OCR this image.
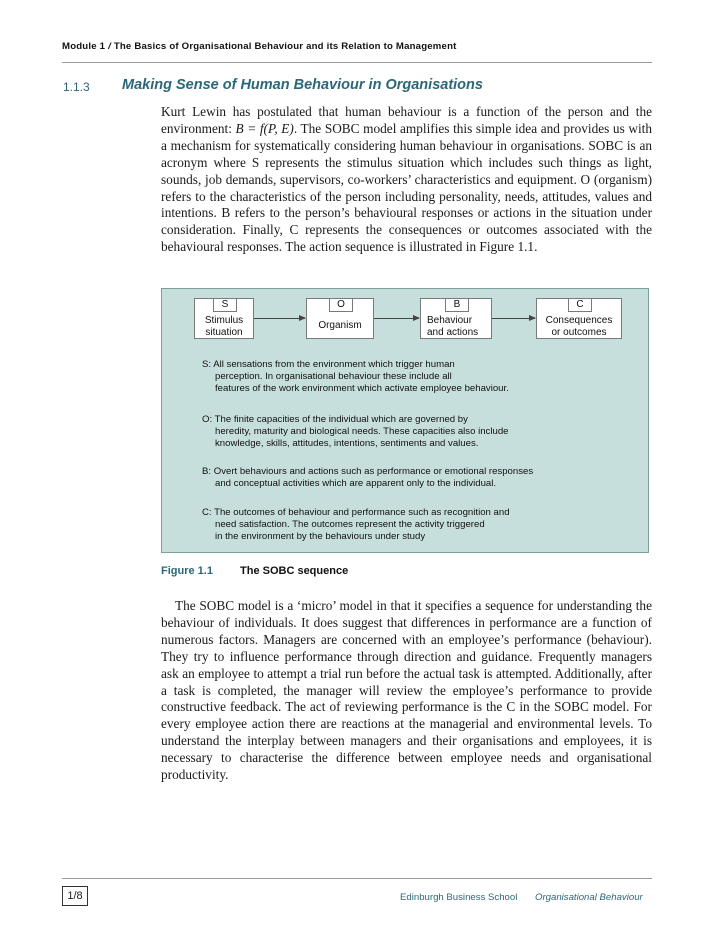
Module 1 / The Basics of Organisational Behaviour and its Relation to Management
1.1.3 Making Sense of Human Behaviour in Organisations

Kurt Lewin has postulated that human behaviour is a function of the person and the environment: B = f(P, E). The SOBC model amplifies this simple idea and provides us with a mechanism for systematically considering human behaviour in organisations. SOBC is an acronym where S represents the stimulus situation which includes such things as light, sounds, job demands, supervisors, co-workers’ characteristics and equipment. O (organism) refers to the characteristics of the person including personality, needs, attitudes, values and intentions. B refers to the person’s behavioural responses or actions in the situation under consideration. Finally, C represents the consequences or outcomes associated with the behavioural responses. The action sequence is illustrated in Figure 1.1.

S
Stimulus
situation
O
Organism
B
Behaviour
and actions
C
Consequences
or outcomes
S: All sensations from the environment which trigger human
perception. In organisational behaviour these include all
features of the work environment which activate employee behaviour.
O: The finite capacities of the individual which are governed by
heredity, maturity and biological needs. These capacities also include
knowledge, skills, attitudes, intentions, sentiments and values.
B: Overt behaviours and actions such as performance or emotional responses
and conceptual activities which are apparent only to the individual.
C: The outcomes of behaviour and performance such as recognition and
need satisfaction. The outcomes represent the activity triggered
in the environment by the behaviours under study
Figure 1.1 The SOBC sequence

The SOBC model is a ‘micro’ model in that it specifies a sequence for understanding the behaviour of individuals. It does suggest that differences in performance are a function of numerous factors. Managers are concerned with an employee’s performance (behaviour). They try to influence performance through direction and guidance. Frequently managers ask an employee to attempt a trial run before the actual task is attempted. Additionally, after a task is completed, the manager will review the employee’s performance to provide constructive feedback. The act of reviewing performance is the C in the SOBC model. For every employee action there are reactions at the managerial and environmental levels. To understand the interplay between managers and their organisations and employees, it is necessary to characterise the difference between employee needs and organisational productivity.

1/8	Edinburgh Business School Organisational Behaviour
